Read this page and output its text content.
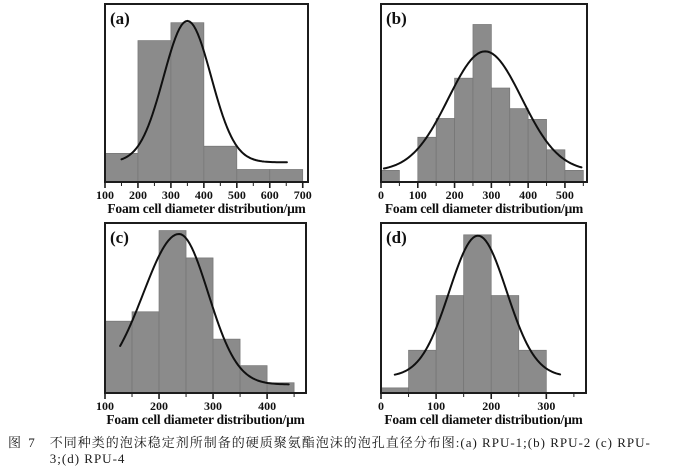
100 200 300 400 500 600 700
(a)
Foam cell diameter distribution/μm
0 100 200 300 400 500
(b)
Foam cell diameter distribution/μm
100	200	300	400
(c)
Foam cell diameter distribution/μm
0	100	200	300
(d)
Foam cell diameter distribution/μm
图 7 不同种类的泡沫稳定剂所制备的硬质聚氨酯泡沫的泡孔直径分布图:(a) RPU-1;(b) RPU-2 (c) RPU-
3;(d) RPU-4
